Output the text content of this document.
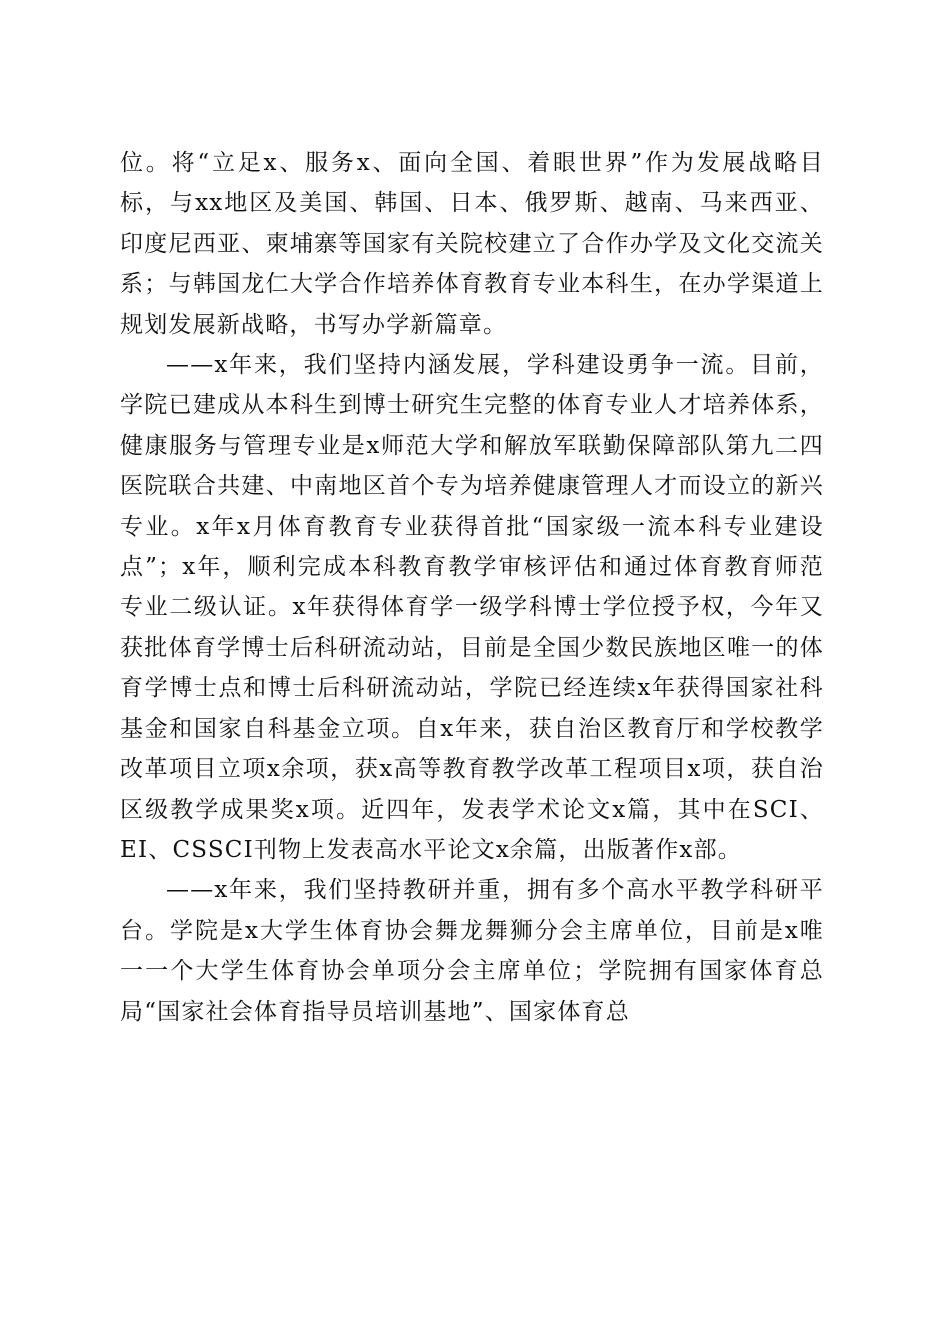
位。将“立足x、服务x、面向全国、着眼世界”作为发展战略目标，与xx地区及美国、韩国、日本、俄罗斯、越南、马来西亚、印度尼西亚、柬埔寨等国家有关院校建立了合作办学及文化交流关系；与韩国龙仁大学合作培养体育教育专业本科生，在办学渠道上规划发展新战略，书写办学新篇章。

——x年来，我们坚持内涵发展，学科建设勇争一流。目前，学院已建成从本科生到博士研究生完整的体育专业人才培养体系，健康服务与管理专业是x师范大学和解放军联勤保障部队第九二四医院联合共建、中南地区首个专为培养健康管理人才而设立的新兴专业。x年x月体育教育专业获得首批“国家级一流本科专业建设点”；x年，顺利完成本科教育教学审核评估和通过体育教育师范专业二级认证。x年获得体育学一级学科博士学位授予权，今年又获批体育学博士后科研流动站，目前是全国少数民族地区唯一的体育学博士点和博士后科研流动站，学院已经连续x年获得国家社科基金和国家自科基金立项。自x年来，获自治区教育厅和学校教学改革项目立项x余项，获x高等教育教学改革工程项目x项，获自治区级教学成果奖x项。近四年，发表学术论文x篇，其中在SCI、EI、CSSCI刊物上发表高水平论文x余篇，出版著作x部。

——x年来，我们坚持教研并重，拥有多个高水平教学科研平台。学院是x大学生体育协会舞龙舞狮分会主席单位，目前是x唯一一个大学生体育协会单项分会主席单位；学院拥有国家体育总局“国家社会体育指导员培训基地”、国家体育总
